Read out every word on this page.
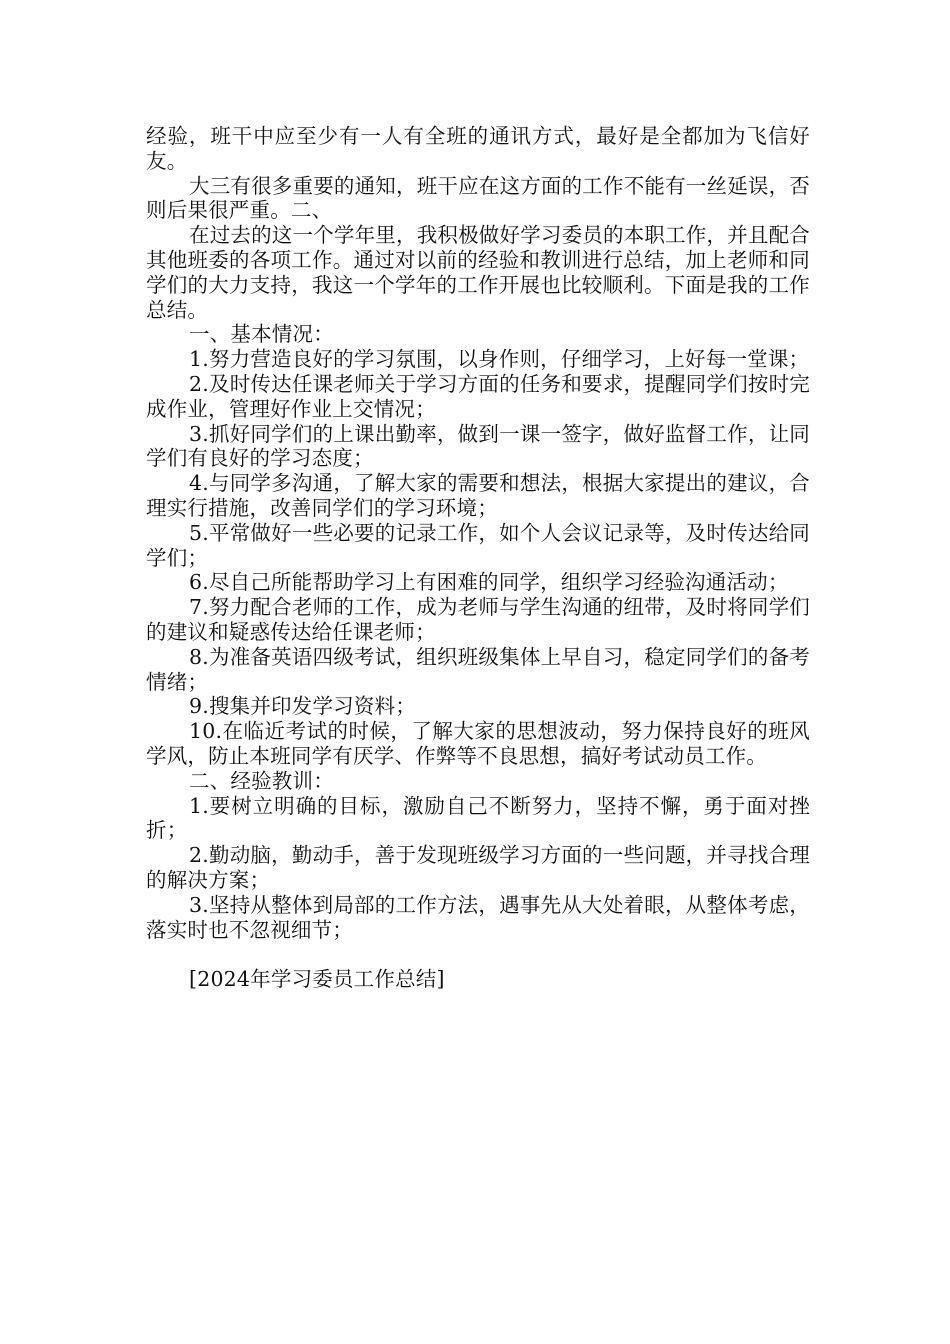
经验，班干中应至少有一人有全班的通讯方式，最好是全都加为飞信好友。

大三有很多重要的通知，班干应在这方面的工作不能有一丝延误，否则后果很严重。二、

在过去的这一个学年里，我积极做好学习委员的本职工作，并且配合其他班委的各项工作。通过对以前的经验和教训进行总结，加上老师和同学们的大力支持，我这一个学年的工作开展也比较顺利。下面是我的工作总结。

一、基本情况：

1.努力营造良好的学习氛围，以身作则，仔细学习，上好每一堂课；

2.及时传达任课老师关于学习方面的任务和要求，提醒同学们按时完成作业，管理好作业上交情况；

3.抓好同学们的上课出勤率，做到一课一签字，做好监督工作，让同学们有良好的学习态度；

4.与同学多沟通，了解大家的需要和想法，根据大家提出的建议，合理实行措施，改善同学们的学习环境；

5.平常做好一些必要的记录工作，如个人会议记录等，及时传达给同学们；

6.尽自己所能帮助学习上有困难的同学，组织学习经验沟通活动；

7.努力配合老师的工作，成为老师与学生沟通的纽带，及时将同学们的建议和疑惑传达给任课老师；

8.为准备英语四级考试，组织班级集体上早自习，稳定同学们的备考情绪；

9.搜集并印发学习资料；

10.在临近考试的时候，了解大家的思想波动，努力保持良好的班风学风，防止本班同学有厌学、作弊等不良思想，搞好考试动员工作。

二、经验教训：

1.要树立明确的目标，激励自己不断努力，坚持不懈，勇于面对挫折；

2.勤动脑，勤动手，善于发现班级学习方面的一些问题，并寻找合理的解决方案；

3.坚持从整体到局部的工作方法，遇事先从大处着眼，从整体考虑，落实时也不忽视细节；

[2024年学习委员工作总结]
